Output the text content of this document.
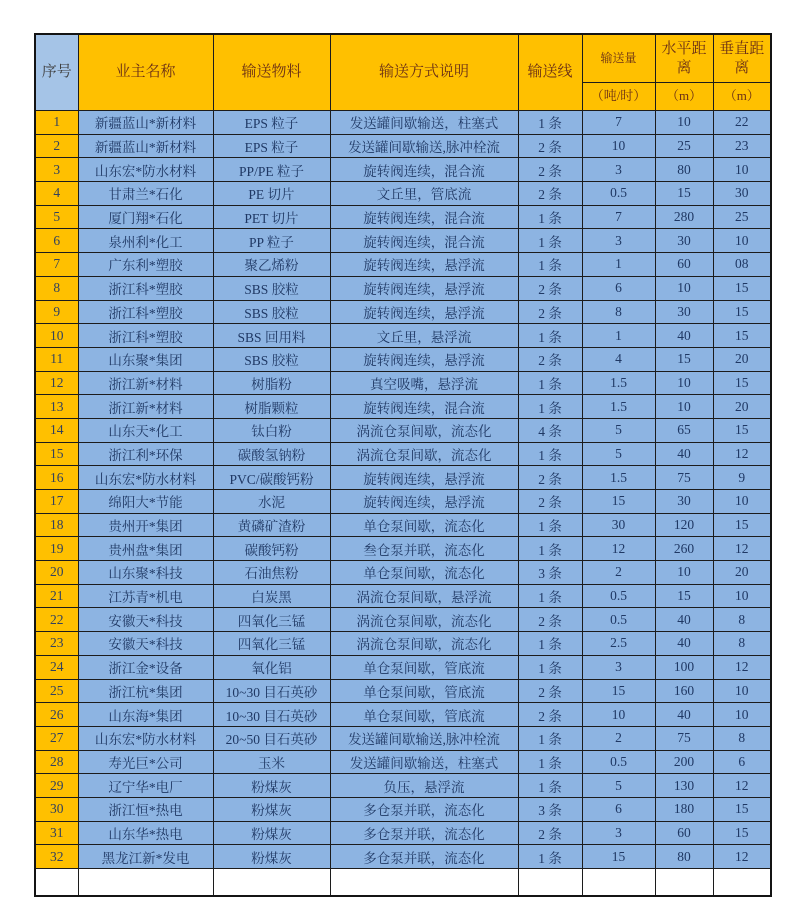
序号	业主名称	输送物料	输送方式说明	输送线	输送量	水平距离	垂直距离
					（吨/时）	（m）	（m）
1	新疆蓝山*新材料	EPS 粒子	发送罐间歇输送，柱塞式	1 条	7	10	22
2	新疆蓝山*新材料	EPS 粒子	发送罐间歇输送,脉冲栓流	2 条	10	25	23
3	山东宏*防水材料	PP/PE 粒子	旋转阀连续，混合流	2 条	3	80	10
4	甘肃兰*石化	PE 切片	文丘里，管底流	2 条	0.5	15	30
5	厦门翔*石化	PET 切片	旋转阀连续，混合流	1 条	7	280	25
6	泉州利*化工	PP 粒子	旋转阀连续，混合流	1 条	3	30	10
7	广东利*塑胶	聚乙烯粉	旋转阀连续，悬浮流	1 条	1	60	08
8	浙江科*塑胶	SBS 胶粒	旋转阀连续，悬浮流	2 条	6	10	15
9	浙江科*塑胶	SBS 胶粒	旋转阀连续，悬浮流	2 条	8	30	15
10	浙江科*塑胶	SBS 回用料	文丘里，悬浮流	1 条	1	40	15
11	山东聚*集团	SBS 胶粒	旋转阀连续，悬浮流	2 条	4	15	20
12	浙江新*材料	树脂粉	真空吸嘴，悬浮流	1 条	1.5	10	15
13	浙江新*材料	树脂颗粒	旋转阀连续，混合流	1 条	1.5	10	20
14	山东天*化工	钛白粉	涡流仓泵间歇，流态化	4 条	5	65	15
15	浙江利*环保	碳酸氢钠粉	涡流仓泵间歇，流态化	1 条	5	40	12
16	山东宏*防水材料	PVC/碳酸钙粉	旋转阀连续，悬浮流	2 条	1.5	75	9
17	绵阳大*节能	水泥	旋转阀连续，悬浮流	2 条	15	30	10
18	贵州开*集团	黄磷矿渣粉	单仓泵间歇，流态化	1 条	30	120	15
19	贵州盘*集团	碳酸钙粉	叁仓泵并联，流态化	1 条	12	260	12
20	山东聚*科技	石油焦粉	单仓泵间歇，流态化	3 条	2	10	20
21	江苏青*机电	白炭黑	涡流仓泵间歇，悬浮流	1 条	0.5	15	10
22	安徽天*科技	四氧化三锰	涡流仓泵间歇，流态化	2 条	0.5	40	8
23	安徽天*科技	四氧化三锰	涡流仓泵间歇，流态化	1 条	2.5	40	8
24	浙江金*设备	氧化铝	单仓泵间歇，管底流	1 条	3	100	12
25	浙江杭*集团	10~30 目石英砂	单仓泵间歇，管底流	2 条	15	160	10
26	山东海*集团	10~30 目石英砂	单仓泵间歇，管底流	2 条	10	40	10
27	山东宏*防水材料	20~50 目石英砂	发送罐间歇输送,脉冲栓流	1 条	2	75	8
28	寿光巨*公司	玉米	发送罐间歇输送，柱塞式	1 条	0.5	200	6
29	辽宁华*电厂	粉煤灰	负压，悬浮流	1 条	5	130	12
30	浙江恒*热电	粉煤灰	多仓泵并联，流态化	3 条	6	180	15
31	山东华*热电	粉煤灰	多仓泵并联，流态化	2 条	3	60	15
32	黑龙江新*发电	粉煤灰	多仓泵并联，流态化	1 条	15	80	12
